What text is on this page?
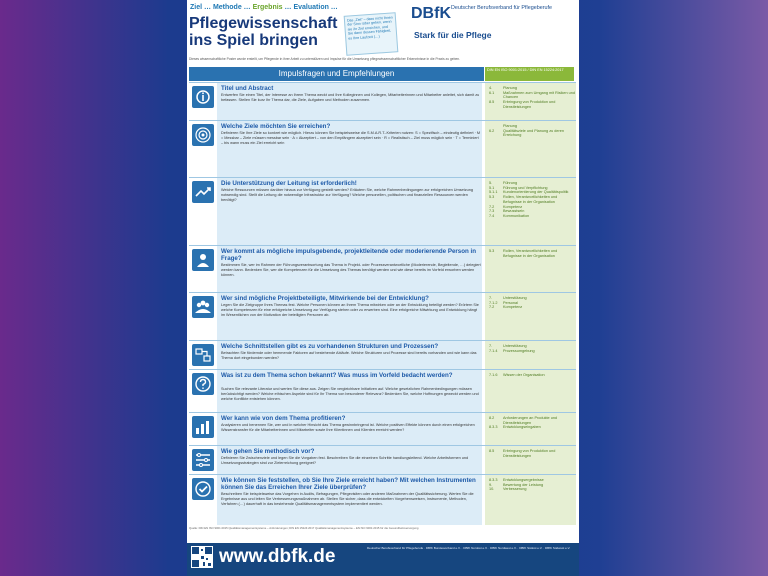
Ziel … Methode … Ergebnis … Evaluation …
Pflegewissenschaft
ins Spiel bringen
Das „Ziel“ – dass nicht Ihnen der Sinn rüber gehen, wenn sie ihr Ziel erreichen, und Sie dann dessen Fähigkeit, es Ihre Laufzeit (…)
DBfK Deutscher Berufsverband für Pflegeberufe
Stark für die Pflege
Dieses wissenschaftliche Poster wurde erstellt, um Pflegende in ihrer Arbeit zu unterstützen und Impulse für die Umsetzung pflegewissenschaftlicher Erkenntnisse in die Praxis zu geben.
Impulsfragen und Empfehlungen	DIN EN ISO 9001:2015 / DIN EN 15224:2017
Titel und Abstract
Entwerfen Sie einen Titel, der Interesse an Ihrem Thema weckt und Ihre Kolleginnen und Kollegen, Mitarbeiterinnen und Mitarbeiter anleitet, sich damit zu befassen. Stellen Sie kurz Ihr Thema dar, die Ziele, Aufgaben und Methoden zusammen.
4.	Planung
6.1	Maßnahmen zum Umgang mit Risiken und Chancen
8.5	Erbringung von Produktion und Dienstleistungen
Welche Ziele möchten Sie erreichen?
Definieren Sie Ihre Ziele so konkret wie möglich. Hierzu können Sie beispielsweise die S.M.A.R.T.-Kriterien nutzen: S = Spezifisch – eindeutig definiert · M = Messbar – Ziele müssen messbar sein · A = Akzeptiert – von den Empfängern akzeptiert sein · R = Realistisch – Ziel muss möglich sein · T = Terminiert – bis wann muss ein Ziel erreicht sein
Planung
6.2	Qualitätsziele und Planung zu deren Erreichung
Die Unterstützung der Leitung ist erforderlich!
Welche Ressourcen müssen darüber hinaus zur Verfügung gestellt werden? Erläutern Sie, welche Rahmenbedingungen zur erfolgreichen Umsetzung notwendig sind. Stellt die Leitung die notwendige Infrastruktur zur Verfügung? Welche personellen, politischen und finanziellen Ressourcen werden benötigt?
5.	Führung
5.1	Führung und Verpflichtung
5.1.1	Kundenorientierung der Qualitätspolitik
5.3	Rollen, Verantwortlichkeiten und Befugnisse in der Organisation
7.2	Kompetenz
7.3	Bewusstsein
7.4	Kommunikation
Wer kommt als mögliche impulsgebende, projektleitende oder moderierende Person in Frage?
Bestimmen Sie, wer im Rahmen der Führungsverantwortung das Thema in Projekt- oder Prozessverantwortliche (Moderierende, Begleitende, …) delegiert werden kann. Bedenken Sie, wer die Kompetenzen für die Umsetzung des Themas benötigt werden und wie diese bereits im Vorfeld erworben werden können.
5.3	Rollen, Verantwortlichkeiten und Befugnisse in der Organisation
Wer sind mögliche Projektbeteiligte, Mitwirkende bei der Entwicklung?
Legen Sie die Zielgruppe Ihres Themas fest. Welche Personen können an Ihrem Thema mitwirken oder an der Entwicklung beteiligt werden? Erörtern Sie welche Kompetenzen für eine erfolgreiche Umsetzung zur Verfügung stehen oder zu erwerben sind. Eine erfolgreiche Mitwirkung und Entwicklung hängt im Wesentlichen von der Motivation der beteiligten Personen ab.
7.	Unterstützung
7.1.2	Personal
7.2	Kompetenz
Welche Schnittstellen gibt es zu vorhandenen Strukturen und Prozessen?
Betrachten Sie fördernde oder hemmende Faktoren auf bestehende Abläufe. Welche Strukturen und Prozesse sind bereits vorhanden und wie kann das Thema dort eingebunden werden?
7.	Unterstützung
7.1.4	Prozessumgebung
Was ist zu dem Thema schon bekannt? Was muss im Vorfeld bedacht werden?
Suchen Sie relevante Literatur und werten Sie diese aus. Zeigen Sie vergleichbare Initiativen auf. Welche gesetzlichen Rahmenbedingungen müssen berücksichtigt werden? Welche ethischen Aspekte sind für Ihr Thema von besonderer Relevanz? Bedenken Sie, welche Hoffnungen geweckt werden und welche Konflikte entstehen können.
7.1.6	Wissen der Organisation
Wer kann wie von dem Thema profitieren?
Analysieren und benennen Sie, wer und in welcher Hinsicht das Thema gewinnbringend ist. Welche positiven Effekte können durch einen erfolgreichen Wissenstransfer für die Mitarbeiterinnen und Mitarbeiter sowie Ihre Klientinnen und Klienten erreicht werden?
8.2	Anforderungen an Produkte und Dienstleistungen
8.3.3	Entwicklungseingaben
Wie gehen Sie methodisch vor?
Definieren Sie Zwischenziele und legen Sie die Vorgaben fest. Beschreiben Sie die einzelnen Schritte handlungsleitend. Welche Arbeitsformen und Umsetzungsstrategien sind zur Zielerreichung geeignet?
8.5	Erbringung von Produktion und Dienstleistungen
Wie können Sie feststellen, ob Sie Ihre Ziele erreicht haben? Mit welchen Instrumenten können Sie das Erreichen Ihrer Ziele überprüfen?
Beschreiben Sie beispielsweise das Vorgehen in Audits, Befragungen, Pflegevisiten oder anderen Maßnahmen der Qualitätssicherung. Werten Sie die Ergebnisse aus und leiten Sie Verbesserungsmaßnahmen ab. Stellen Sie sicher, dass die entwickelten Vorgehensweisen, Instrumente, Methoden, Verfahren (…) dauerhaft in das bestehende Qualitätsmanagementsystem implementiert werden.
8.3.3	Entwicklungsergebnisse
9.	Bewertung der Leistung
10.	Verbesserung
Quelle: DIN EN ISO 9001:2015 Qualitätsmanagementsysteme – Anforderungen; DIN EN 15224:2017 Qualitätsmanagementsysteme – EN ISO 9001:2015 für die Gesundheitsversorgung
www.dbfk.de	Deutscher Berufsverband für Pflegeberufe · DBfK Bundesverband e.V. · DBfK Nordost e.V. · DBfK Nordwest e.V. · DBfK Südost e.V. · DBfK Südwest e.V.
